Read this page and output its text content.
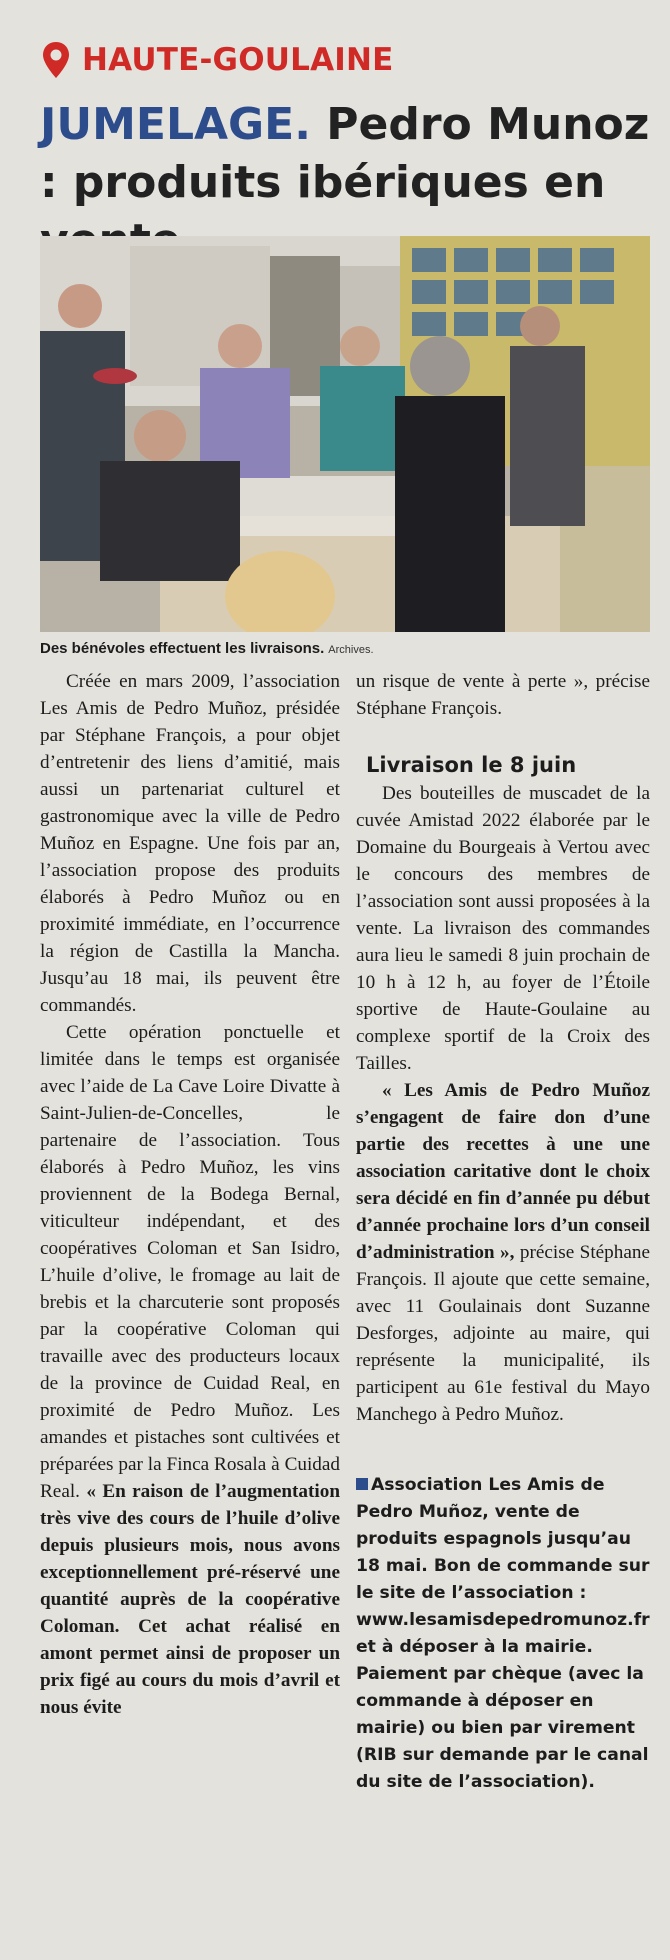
HAUTE-GOULAINE
JUMELAGE. Pedro Munoz : produits ibériques en
Des bénévoles effectuent les livraisons. Archives.

Créée en mars 2009, l’association Les Amis de Pedro Muñoz, présidée par Stéphane François, a pour objet d’entretenir des liens d’amitié, mais aussi un partenariat culturel et gastronomique avec la ville de Pedro Muñoz en Espagne. Une fois par an, l’association propose des produits élaborés à Pedro Muñoz ou en proximité immédiate, en l’occurrence la région de Castilla la Mancha. Jusqu’au 18 mai, ils peuvent être commandés.

Cette opération ponctuelle et limitée dans le temps est organisée avec l’aide de La Cave Loire Divatte à Saint-Julien-de-Concelles, le partenaire de l’association. Tous élaborés à Pedro Muñoz, les vins proviennent de la Bodega Bernal, viticulteur indépendant, et des coopératives Coloman et San Isidro, L’huile d’olive, le fromage au lait de brebis et la charcuterie sont proposés par la coopérative Coloman qui travaille avec des producteurs locaux de la province de Cuidad Real, en proximité de Pedro Muñoz. Les amandes et pistaches sont cultivées et préparées par la Finca Rosala à Cuidad Real. « En raison de l’augmentation très vive des cours de l’huile d’olive depuis plusieurs mois, nous avons exceptionnellement pré-réservé une quantité auprès de la coopérative Coloman. Cet achat réalisé en amont permet ainsi de proposer un prix figé au cours du mois d’avril et nous évite

un risque de vente à perte », précise Stéphane François.

Livraison le 8 juin

Des bouteilles de muscadet de la cuvée Amistad 2022 élaborée par le Domaine du Bourgeais à Vertou avec le concours des membres de l’association sont aussi proposées à la vente. La livraison des commandes aura lieu le samedi 8 juin prochain de 10 h à 12 h, au foyer de l’Étoile sportive de Haute-Goulaine au complexe sportif de la Croix des Tailles.

« Les Amis de Pedro Muñoz s’engagent de faire don d’une partie des recettes à une une association caritative dont le choix sera décidé en fin d’année pu début d’année prochaine lors d’un conseil d’administration », précise Stéphane François. Il ajoute que cette semaine, avec 11 Goulainais dont Suzanne Desforges, adjointe au maire, qui représente la municipalité, ils participent au 61e festival du Mayo Manchego à Pedro Muñoz.

Association Les Amis de Pedro Muñoz, vente de produits espagnols jusqu’au 18 mai. Bon de commande sur le site de l’association : www.lesamisdepedromunoz.fr et à déposer à la mairie. Paiement par chèque (avec la commande à déposer en mairie) ou bien par virement (RIB sur demande par le canal du site de l’association).
